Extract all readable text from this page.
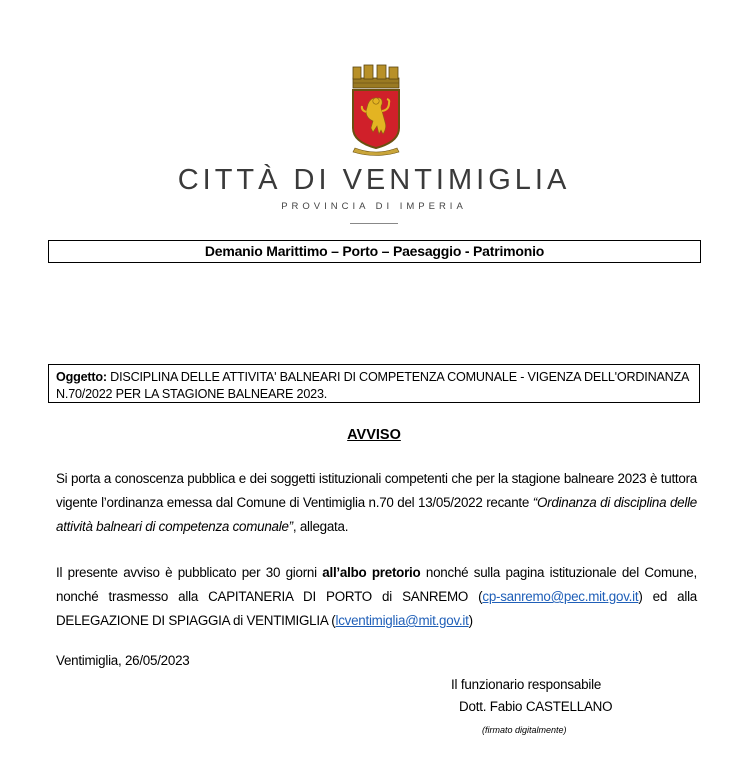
CITTÀ DI VENTIMIGLIA
PROVINCIA DI IMPERIA
Demanio Marittimo – Porto – Paesaggio - Patrimonio
Oggetto: DISCIPLINA DELLE ATTIVITA' BALNEARI DI COMPETENZA COMUNALE - VIGENZA DELL'ORDINANZA N.70/2022 PER LA STAGIONE BALNEARE 2023.
AVVISO
Si porta a conoscenza pubblica e dei soggetti istituzionali competenti che per la stagione balneare 2023 è tuttora vigente l’ordinanza emessa dal Comune di Ventimiglia n.70 del 13/05/2022 recante “Ordinanza di disciplina delle attività balneari di competenza comunale”, allegata.
Il presente avviso è pubblicato per 30 giorni all’albo pretorio nonché sulla pagina istituzionale del Comune, nonché trasmesso alla CAPITANERIA DI PORTO di SANREMO (cp-sanremo@pec.mit.gov.it) ed alla DELEGAZIONE DI SPIAGGIA di VENTIMIGLIA (lcventimiglia@mit.gov.it)
Ventimiglia, 26/05/2023
Il funzionario responsabile
Dott. Fabio CASTELLANO
(firmato digitalmente)
